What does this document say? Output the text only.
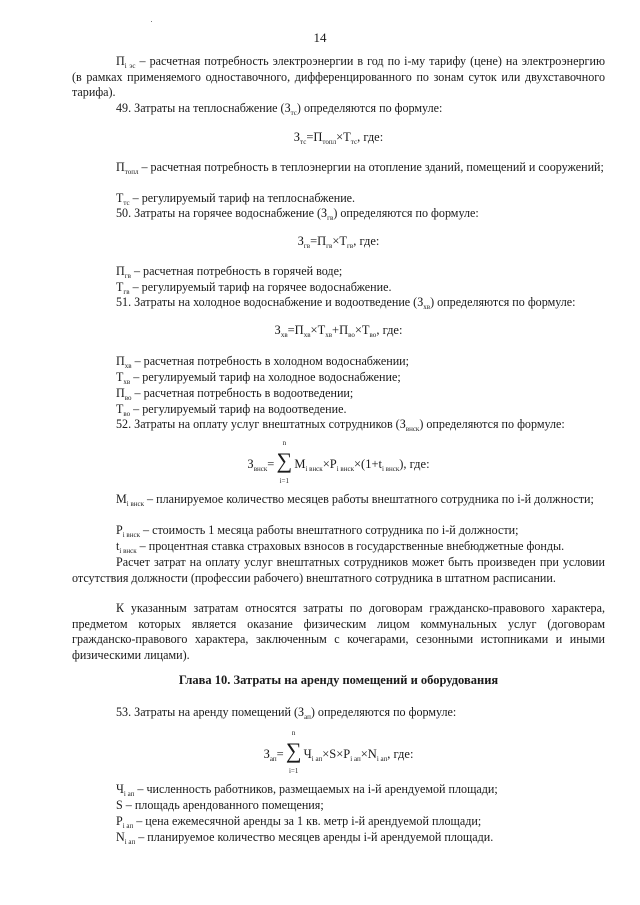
14
$П_{i эс}$ – расчетная потребность электроэнергии в год по i-му тарифу (цене) на электроэнергию (в рамках применяемого одноставочного, дифференцированного по зонам суток или двухставочного тарифа).
49. Затраты на теплоснабжение $(З_{тс})$ определяются по формуле:
$З_{тс}=П_{топл}\times Т_{тс}$, где:
$П_{топл}$ – расчетная потребность в теплоэнергии на отопление зданий, помещений и сооружений;
$Т_{тс}$ – регулируемый тариф на теплоснабжение.
50. Затраты на горячее водоснабжение $(З_{гв})$ определяются по формуле:
$З_{гв}=П_{гв}\times Т_{гв}$, где:
$П_{гв}$ – расчетная потребность в горячей воде;
$Т_{гв}$ – регулируемый тариф на горячее водоснабжение.
51. Затраты на холодное водоснабжение и водоотведение $(З_{хв})$ определяются по формуле:
$З_{хв}=П_{хв}\times Т_{хв}+П_{во}\times Т_{во}$, где:
$П_{хв}$ – расчетная потребность в холодном водоснабжении;
$Т_{хв}$ – регулируемый тариф на холодное водоснабжение;
$П_{во}$ – расчетная потребность в водоотведении;
$Т_{во}$ – регулируемый тариф на водоотведение.
52. Затраты на оплату услуг внештатных сотрудников $(З_{внск})$ определяются по формуле:
$З_{внск}=$
n
∑
i=1
$M_{i внск}\times P_{i внск}\times(1+t_{i внск})$, где:
$M_{i внск}$ – планируемое количество месяцев работы внештатного сотрудника по i-й должности;
$P_{i внск}$ – стоимость 1 месяца работы внештатного сотрудника по i-й должности;
$t_{i внск}$ – процентная ставка страховых взносов в государственные внебюджетные фонды.
Расчет затрат на оплату услуг внештатных сотрудников может быть произведен при условии отсутствия должности (профессии рабочего) внештатного сотрудника в штатном расписании.
К указанным затратам относятся затраты по договорам гражданско-правового характера, предметом которых является оказание физическим лицом коммунальных услуг (договорам гражданско-правового характера, заключенным с кочегарами, сезонными истопниками и иными физическими лицами).
Глава 10. Затраты на аренду помещений и оборудования
53. Затраты на аренду помещений $(З_{ап})$ определяются по формуле:
$З_{ап}=$
n
∑
i=1
$Ч_{i ап}\times S\times P_{i ап}\times N_{i ап}$, где:
$Ч_{i ап}$ – численность работников, размещаемых на i-й арендуемой площади;
S – площадь арендованного помещения;
$P_{i ап}$ – цена ежемесячной аренды за 1 кв. метр i-й арендуемой площади;
$N_{i ап}$ – планируемое количество месяцев аренды i-й арендуемой площади.
